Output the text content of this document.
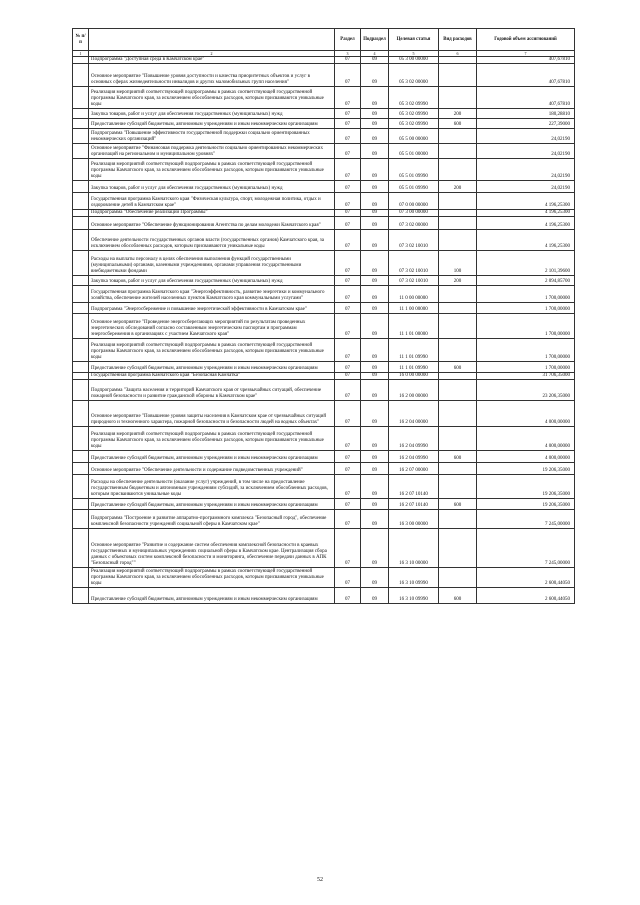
№ п/п		Раздел	Подраздел	Целевая статья	Вид расходов	Годовой объем ассигнований
1	2	3	4	5	6	7
	Подпрограмма "Доступная среда в Камчатском крае"	07	09	05 3 00 00000		407,67810
	Основное мероприятие "Повышение уровня доступности и качества приоритетных объектов и услуг в основных сферах жизнедеятельности инвалидов и других маломобильных групп населения"	07	09	05 3 02 00000		407,67810
	Реализация мероприятий соответствующей подпрограммы в рамках соответствующей государственной программы Камчатского края, за исключением обособленных расходов, которым присваиваются уникальные коды	07	09	05 3 02 09990		407,67810
	Закупка товаров, работ и услуг для обеспечения государственных (муниципальных) нужд	07	09	05 3 02 09990	200	180,28810
	Предоставление субсидий бюджетным, автономным учреждениям и иным некоммерческим организациям	07	09	05 3 02 09990	600	227,39000
	Подпрограмма "Повышение эффективности государственной поддержки социально ориентированных некоммерческих организаций"	07	09	05 5 00 00000		24,02190
	Основное мероприятие "Финансовая поддержка деятельности социально ориентированных некоммерческих организаций на региональном и муниципальном уровнях"	07	09	05 5 01 00000		24,02190
	Реализация мероприятий соответствующей подпрограммы в рамках соответствующей государственной программы Камчатского края, за исключением обособленных расходов, которым присваиваются уникальные коды	07	09	05 5 01 09990		24,02190
	Закупка товаров, работ и услуг для обеспечения государственных (муниципальных) нужд	07	09	05 5 01 09990	200	24,02190
	Государственная программа Камчатского края "Физическая культура, спорт, молодежная политика, отдых и оздоровление детей в Камчатском крае"	07	09	07 0 00 00000		4 196,25300
	Подпрограмма "Обеспечение реализации Программы"	07	09	07 3 00 00000		4 196,25300
	Основное мероприятие "Обеспечение функционирования Агентства по делам молодежи Камчатского края"	07	09	07 3 02 00000		4 196,25300
	Обеспечение деятельности государственных органов власти (государственных органов) Камчатского края, за исключением обособленных расходов, которым присваиваются уникальные коды	07	09	07 3 02 10010		4 196,25300
	Расходы на выплаты персоналу в целях обеспечения выполнения функций государственными (муниципальными) органами, казенными учреждениями, органами управления государственными внебюджетными фондами	07	09	07 3 02 10010	100	2 101,39600
	Закупка товаров, работ и услуг для обеспечения государственных (муниципальных) нужд	07	09	07 3 02 10010	200	2 094,85700
	Государственная программа Камчатского края "Энергоэффективность, развитие энергетики и коммунального хозяйства, обеспечение жителей населенных пунктов Камчатского края коммунальными услугами"	07	09	11 0 00 00000		1 700,00000
	Подпрограмма "Энергосбережение и повышение энергетической эффективности в Камчатском крае"	07	09	11 1 00 00000		1 700,00000
	Основное мероприятие "Проведение энергосберегающих мероприятий по результатам проведенных энергетических обследований согласно составленным энергетическим паспортам и программам энергосбережения в организациях с участием Камчатского края"	07	09	11 1 01 00000		1 700,00000
	Реализация мероприятий соответствующей подпрограммы в рамках соответствующей государственной программы Камчатского края, за исключением обособленных расходов, которым присваиваются уникальные коды	07	09	11 1 01 09990		1 700,00000
	Предоставление субсидий бюджетным, автономным учреждениям и иным некоммерческим организациям	07	09	11 1 01 09990	600	1 700,00000
	Государственная программа Камчатского края "Безопасная Камчатка"	07	09	16 0 00 00000		31 706,35000
	Подпрограмма "Защита населения и территорий Камчатского края от чрезвычайных ситуаций, обеспечение пожарной безопасности и развитие гражданской обороны в Камчатском крае"	07	09	16 2 00 00000		23 206,35000
	Основное мероприятие "Повышение уровня защиты населения в Камчатском крае от чрезвычайных ситуаций природного и техногенного характера, пожарной безопасности и безопасности людей на водных объектах"	07	09	16 2 04 00000		4 000,00000
	Реализация мероприятий соответствующей подпрограммы в рамках соответствующей государственной программы Камчатского края, за исключением обособленных расходов, которым присваиваются уникальные коды	07	09	16 2 04 09990		4 000,00000
	Предоставление субсидий бюджетным, автономным учреждениям и иным некоммерческим организациям	07	09	16 2 04 09990	600	4 000,00000
	Основное мероприятие "Обеспечение деятельности и содержание подведомственных учреждений"	07	09	16 2 07 00000		19 206,35000
	Расходы на обеспечение деятельности (оказание услуг) учреждений, в том числе на предоставление государственным бюджетным и автономным учреждениям субсидий, за исключением обособленных расходов, которым присваиваются уникальные коды	07	09	16 2 07 10140		19 206,35000
	Предоставление субсидий бюджетным, автономным учреждениям и иным некоммерческим организациям	07	09	16 2 07 10140	600	19 206,35000
	Подпрограмма "Построение и развитие аппаратно-программного комплекса "Безопасный город", обеспечение комплексной безопасности учреждений социальной сферы в Камчатском крае"	07	09	16 3 00 00000		7 245,00000
	Основное мероприятие "Развитие и содержание систем обеспечения комплексной безопасности в краевых государственных и муниципальных учреждениях социальной сферы в Камчатском крае. Централизация сбора данных с объектовых систем комплексной безопасности и мониторинга, обеспечение передачи данных в АПК "Безопасный город""	07	09	16 3 10 00000		7 245,00000
	Реализация мероприятий соответствующей подпрограммы в рамках соответствующей государственной программы Камчатского края, за исключением обособленных расходов, которым присваиваются уникальные коды	07	09	16 3 10 09990		2 600,44050
	Предоставление субсидий бюджетным, автономным учреждениям и иным некоммерческим организациям	07	09	16 3 10 09990	600	2 600,44050
52
